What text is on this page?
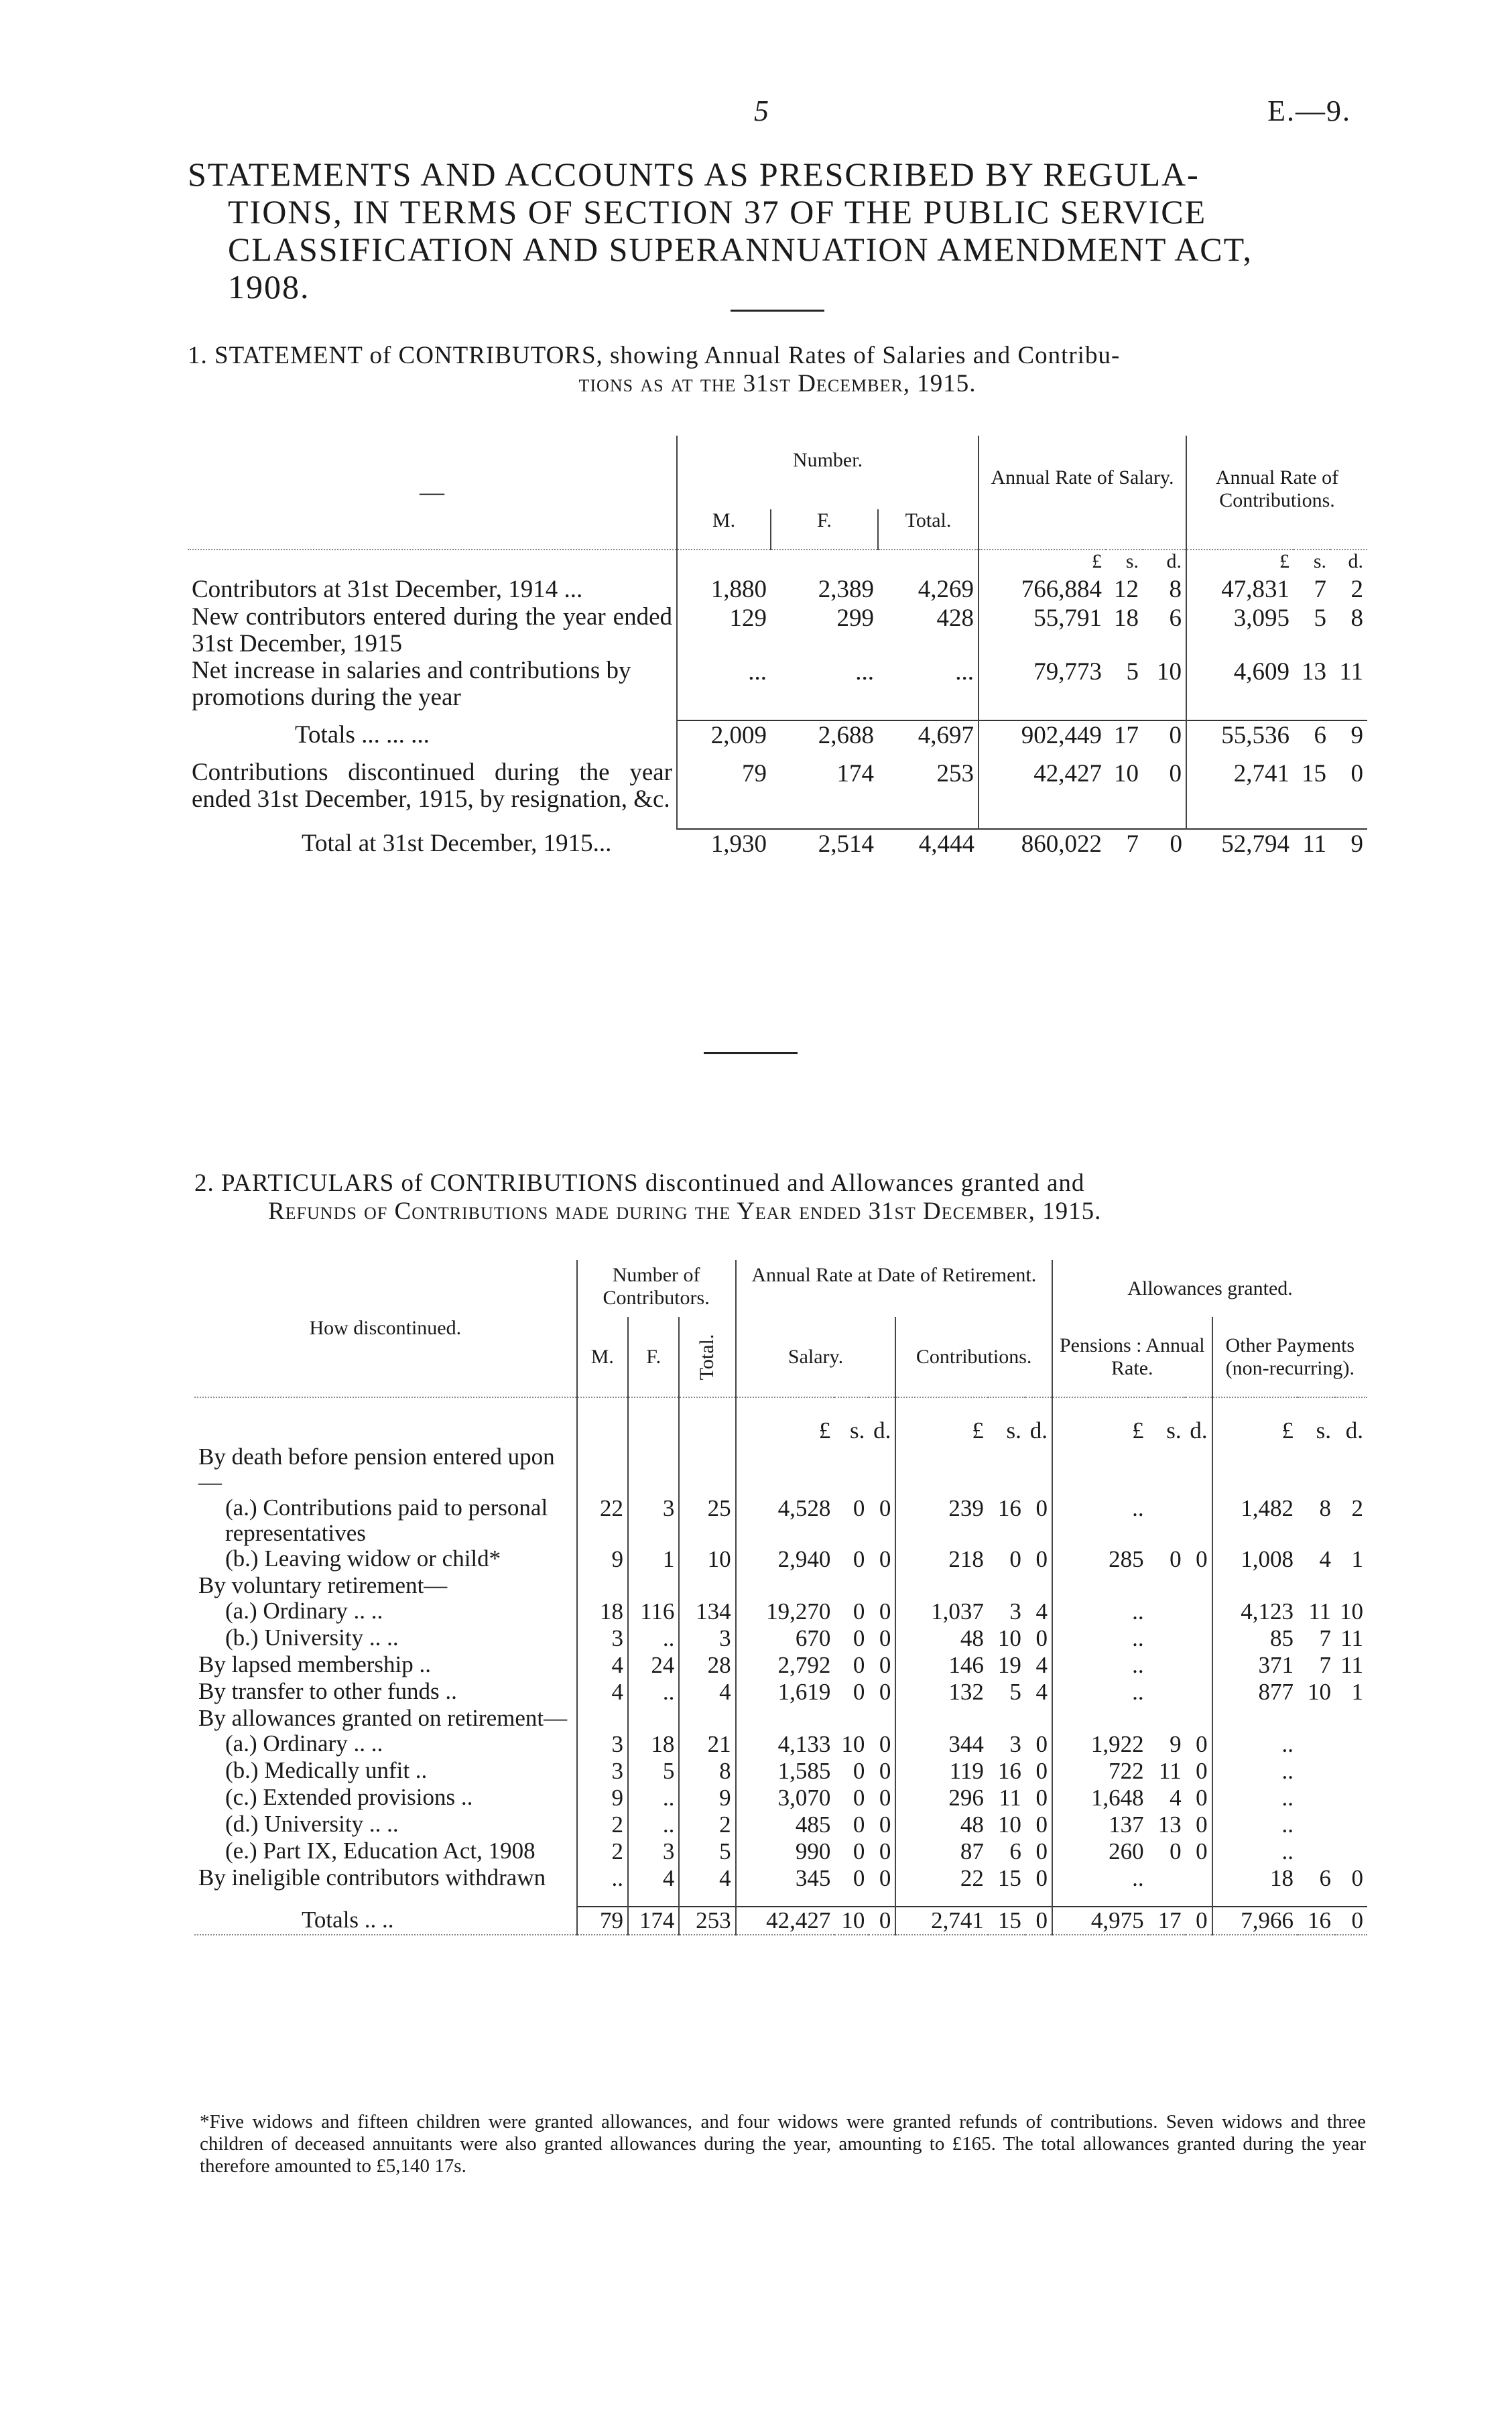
5	E.—9.
STATEMENTS AND ACCOUNTS AS PRESCRIBED BY REGULA-
TIONS, IN TERMS OF SECTION 37 OF THE PUBLIC SERVICE
CLASSIFICATION AND SUPERANNUATION AMENDMENT ACT,
1908.
1. STATEMENT of CONTRIBUTORS, showing Annual Rates of Salaries and Contribu-
tions as at the 31st December, 1915.
—	Number.			Annual Rate of Salary.			Annual Rate of Contributions.		
	M.	F.	Total.						
				£	s.	d.	£	s.	d.
Contributors at 31st December, 1914 ...	1,880	2,389	4,269	766,884	12	8	47,831	7	2
New contributors entered during the year ended 31st December, 1915	129	299	428	55,791	18	6	3,095	5	8
Net increase in salaries and contributions by promotions during the year	...	...	...	79,773	5	10	4,609	13	11

Totals ... ... ...	2,009	2,688	4,697	902,449	17	0	55,536	6	9

Contributions discontinued during the year ended 31st December, 1915, by resignation, &c.	79	174	253	42,427	10	0	2,741	15	0

Total at 31st December, 1915...	1,930	2,514	4,444	860,022	7	0	52,794	11	9
2. PARTICULARS of CONTRIBUTIONS discontinued and Allowances granted and
Refunds of Contributions made during the Year ended 31st December, 1915.
How discontinued.	Number of Contributors.			Annual Rate at Date of Retirement.						Allowances granted.					
	M.	F.	Total.	Salary.			Contributions.			Pensions : Annual Rate.			Other Payments (non-recurring).		
				£	s.	d.	£	s.	d.	£	s.	d.	£	s.	d.
By death before pension entered upon—															
(a.) Contributions paid to personal representatives	22	3	25	4,528	0	0	239	16	0	..			1,482	8	2
(b.) Leaving widow or child*	9	1	10	2,940	0	0	218	0	0	285	0	0	1,008	4	1
By voluntary retirement—															
(a.) Ordinary .. ..	18	116	134	19,270	0	0	1,037	3	4	..			4,123	11	10
(b.) University .. ..	3	..	3	670	0	0	48	10	0	..			85	7	11
By lapsed membership ..	4	24	28	2,792	0	0	146	19	4	..			371	7	11
By transfer to other funds ..	4	..	4	1,619	0	0	132	5	4	..			877	10	1
By allowances granted on retirement—															
(a.) Ordinary .. ..	3	18	21	4,133	10	0	344	3	0	1,922	9	0	..		
(b.) Medically unfit ..	3	5	8	1,585	0	0	119	16	0	722	11	0	..		
(c.) Extended provisions ..	9	..	9	3,070	0	0	296	11	0	1,648	4	0	..		
(d.) University .. ..	2	..	2	485	0	0	48	10	0	137	13	0	..		
(e.) Part IX, Education Act, 1908	2	3	5	990	0	0	87	6	0	260	0	0	..		
By ineligible contributors withdrawn	..	4	4	345	0	0	22	15	0	..			18	6	0

Totals .. ..	79	174	253	42,427	10	0	2,741	15	0	4,975	17	0	7,966	16	0

*Five widows and fifteen children were granted allowances, and four widows were granted refunds of contributions. Seven widows and three children of deceased annuitants were also granted allowances during the year, amounting to £165. The total allowances granted during the year therefore amounted to £5,140 17s.
